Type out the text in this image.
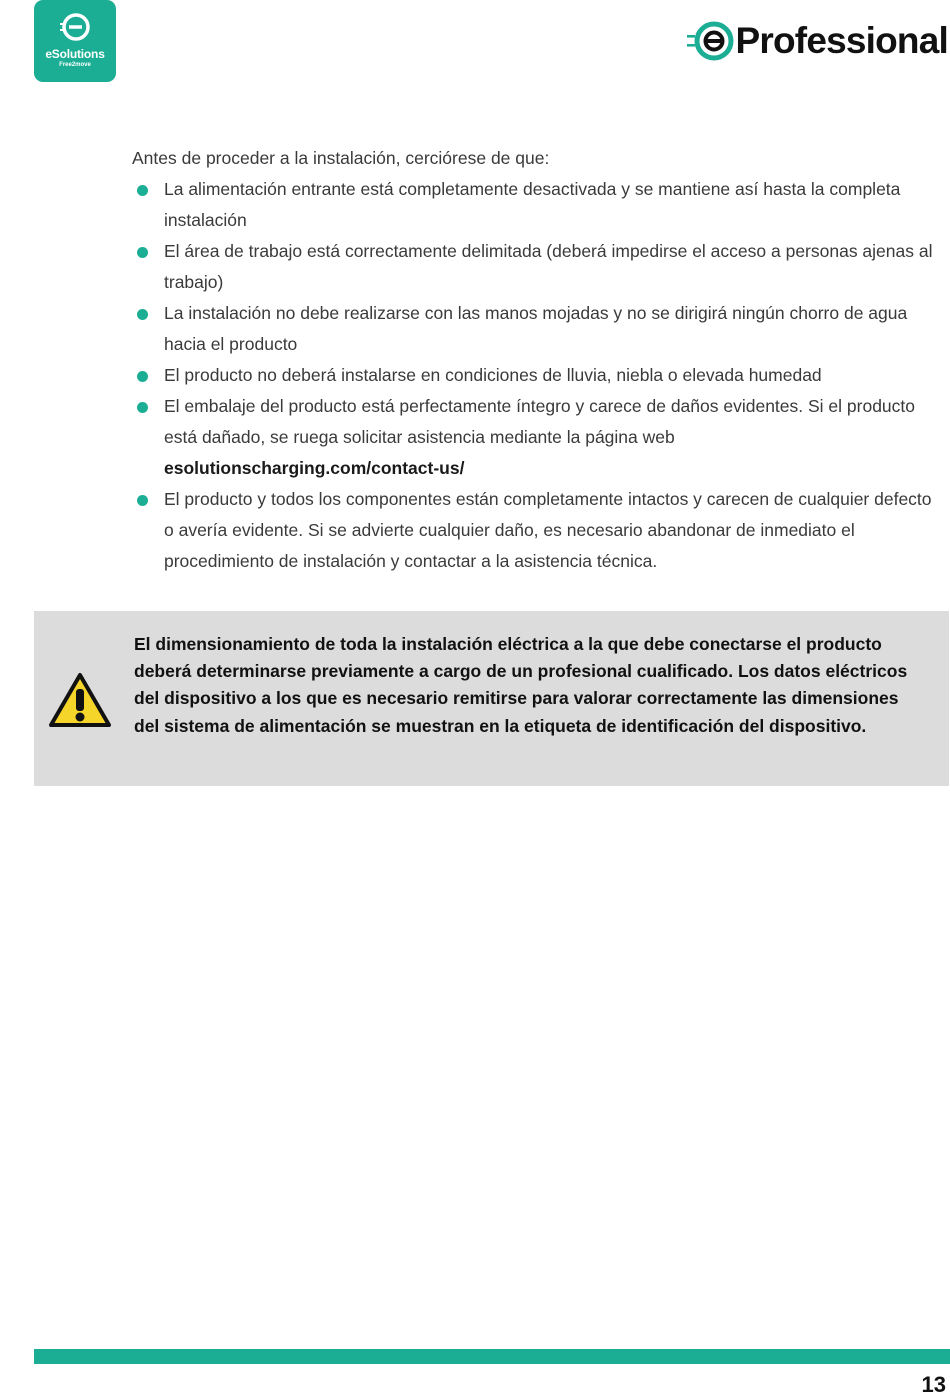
eSolutions
Free2move
Professional

Antes de proceder a la instalación, cerciórese de que:

La alimentación entrante está completamente desactivada y se mantiene así hasta la completa instalación
El área de trabajo está correctamente delimitada (deberá impedirse el acceso a personas ajenas al trabajo)
La instalación no debe realizarse con las manos mojadas y no se dirigirá ningún chorro de agua hacia el producto
El producto no deberá instalarse en condiciones de lluvia, niebla o elevada humedad
El embalaje del producto está perfectamente íntegro y carece de daños evidentes. Si el producto está dañado, se ruega solicitar asistencia mediante la página web esolutionscharging.com/contact-us/
El producto y todos los componentes están completamente intactos y carecen de cualquier defecto o avería evidente. Si se advierte cualquier daño, es necesario abandonar de inmediato el procedimiento de instalación y contactar a la asistencia técnica.
El dimensionamiento de toda la instalación eléctrica a la que debe conectarse el producto deberá determinarse previamente a cargo de un profesional cualificado. Los datos eléctricos del dispositivo a los que es necesario remitirse para valorar correctamente las dimensiones del sistema de alimentación se muestran en la etiqueta de identificación del dispositivo.
13
